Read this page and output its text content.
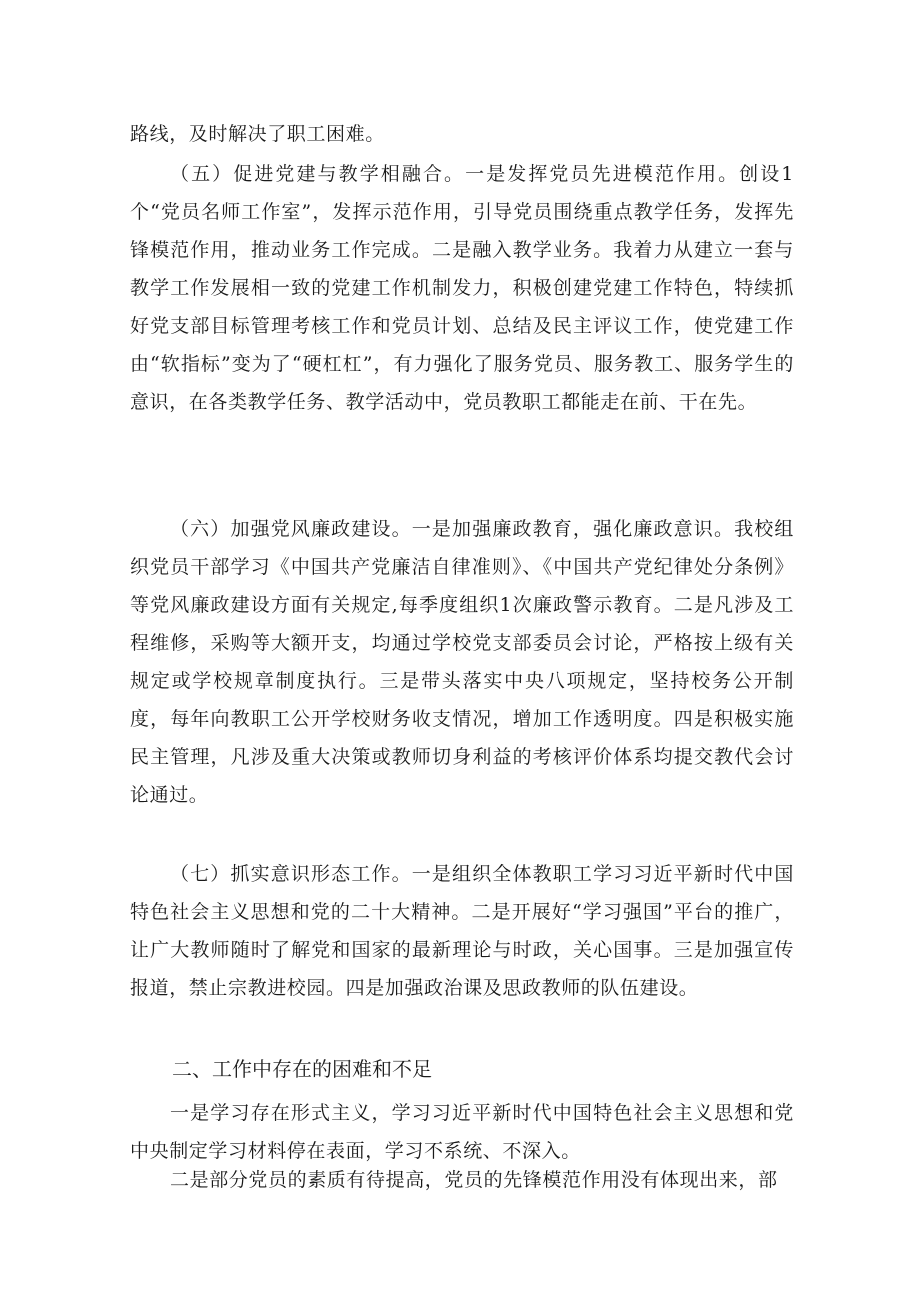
路线，及时解决了职工困难。

（五）促进党建与教学相融合。一是发挥党员先进模范作用。创设1个“党员名师工作室”，发挥示范作用，引导党员围绕重点教学任务，发挥先锋模范作用，推动业务工作完成。二是融入教学业务。我着力从建立一套与教学工作发展相一致的党建工作机制发力，积极创建党建工作特色，特续抓好党支部目标管理考核工作和党员计划、总结及民主评议工作，使党建工作由“软指标”变为了“硬杠杠”，有力强化了服务党员、服务教工、服务学生的意识，在各类教学任务、教学活动中，党员教职工都能走在前、干在先。

（六）加强党风廉政建设。一是加强廉政教育，强化廉政意识。我校组织党员干部学习《中国共产党廉洁自律准则》、《中国共产党纪律处分条例》等党风廉政建设方面有关规定,每季度组织1次廉政警示教育。二是凡涉及工程维修，采购等大额开支，均通过学校党支部委员会讨论，严格按上级有关规定或学校规章制度执行。三是带头落实中央八项规定，坚持校务公开制度，每年向教职工公开学校财务收支情况，增加工作透明度。四是积极实施民主管理，凡涉及重大决策或教师切身利益的考核评价体系均提交教代会讨论通过。

（七）抓实意识形态工作。一是组织全体教职工学习习近平新时代中国特色社会主义思想和党的二十大精神。二是开展好“学习强国”平台的推广，让广大教师随时了解党和国家的最新理论与时政，关心国事。三是加强宣传报道，禁止宗教进校园。四是加强政治课及思政教师的队伍建设。

二、工作中存在的困难和不足

一是学习存在形式主义，学习习近平新时代中国特色社会主义思想和党中央制定学习材料停在表面，学习不系统、不深入。

二是部分党员的素质有待提高，党员的先锋模范作用没有体现出来，部
